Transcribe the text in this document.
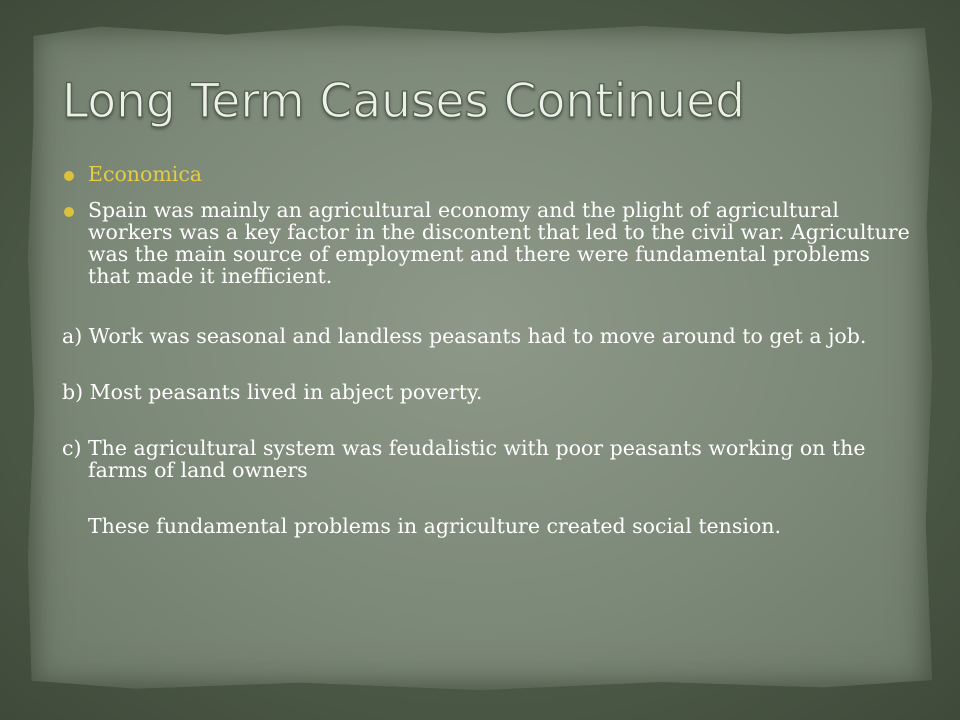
Long Term Causes Continued
Economica
Spain was mainly an agricultural economy and the plight of agricultural workers was a key factor in the discontent that led to the civil war. Agriculture was the main source of employment and there were fundamental problems that made it inefficient.

a) Work was seasonal and landless peasants had to move around to get a job.

b) Most peasants lived in abject poverty.

c) The agricultural system was feudalistic with poor peasants working on the farms of land owners

These fundamental problems in agriculture created social tension.
